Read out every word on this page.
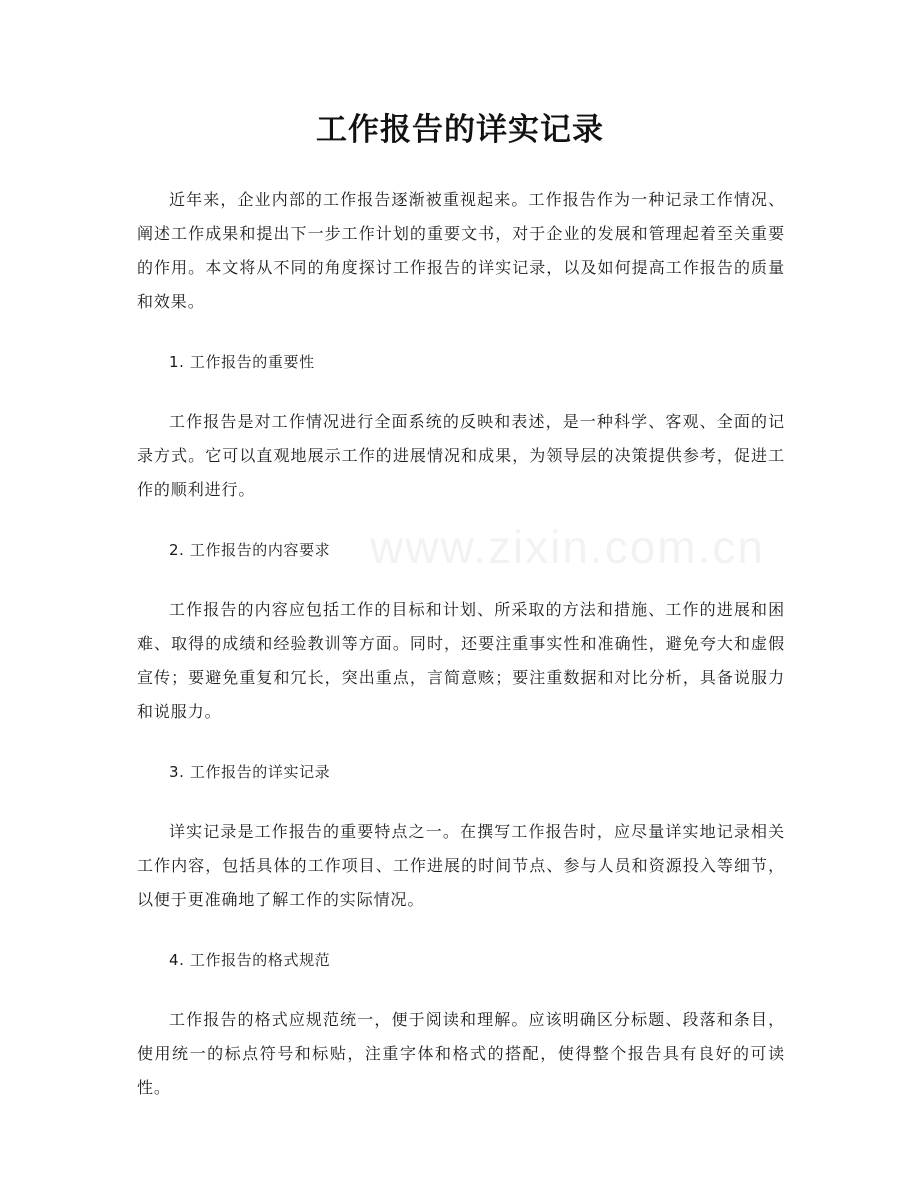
www.zixin.com.cn
工作报告的详实记录

近年来，企业内部的工作报告逐渐被重视起来。工作报告作为一种记录工作情况、阐述工作成果和提出下一步工作计划的重要文书，对于企业的发展和管理起着至关重要的作用。本文将从不同的角度探讨工作报告的详实记录，以及如何提高工作报告的质量和效果。

1. 工作报告的重要性

工作报告是对工作情况进行全面系统的反映和表述，是一种科学、客观、全面的记录方式。它可以直观地展示工作的进展情况和成果，为领导层的决策提供参考，促进工作的顺利进行。

2. 工作报告的内容要求

工作报告的内容应包括工作的目标和计划、所采取的方法和措施、工作的进展和困难、取得的成绩和经验教训等方面。同时，还要注重事实性和准确性，避免夸大和虚假宣传；要避免重复和冗长，突出重点，言简意赅；要注重数据和对比分析，具备说服力和说服力。

3. 工作报告的详实记录

详实记录是工作报告的重要特点之一。在撰写工作报告时，应尽量详实地记录相关工作内容，包括具体的工作项目、工作进展的时间节点、参与人员和资源投入等细节，以便于更准确地了解工作的实际情况。

4. 工作报告的格式规范

工作报告的格式应规范统一，便于阅读和理解。应该明确区分标题、段落和条目，使用统一的标点符号和标贴，注重字体和格式的搭配，使得整个报告具有良好的可读性。
